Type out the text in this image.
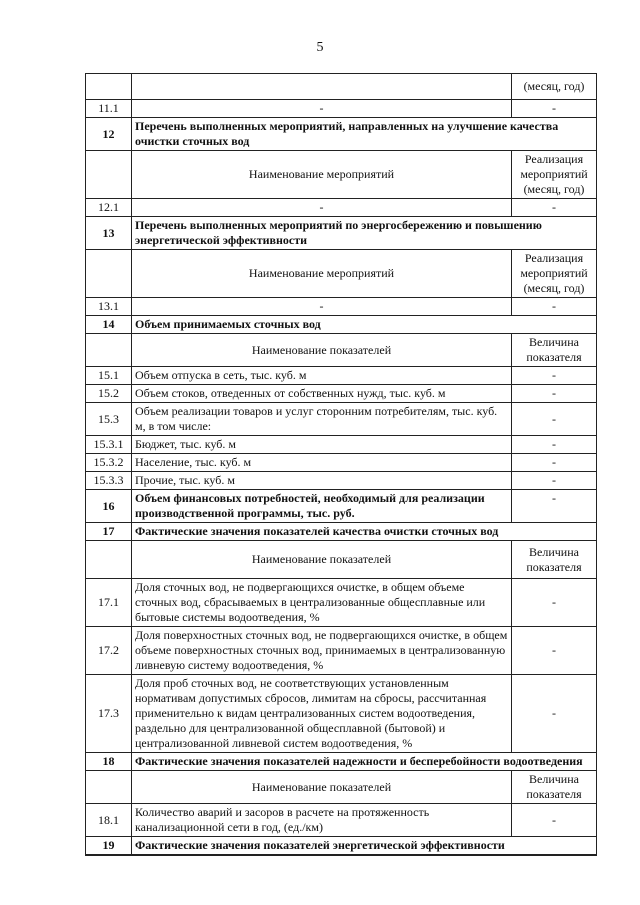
5
		(месяц, год)
11.1	-	-
12	Перечень выполненных мероприятий, направленных на улучшение качества очистки сточных вод	
	Наименование мероприятий	Реализация мероприятий (месяц, год)
12.1	-	-
13	Перечень выполненных мероприятий по энергосбережению и повышению энергетической эффективности	
	Наименование мероприятий	Реализация мероприятий (месяц, год)
13.1	-	-
14	Объем принимаемых сточных вод	
	Наименование показателей	Величина показателя
15.1	Объем отпуска в сеть, тыс. куб. м	-
15.2	Объем стоков, отведенных от собственных нужд, тыс. куб. м	-
15.3	Объем реализации товаров и услуг сторонним потребителям, тыс. куб. м, в том числе:	-
15.3.1	Бюджет, тыс. куб. м	-
15.3.2	Население, тыс. куб. м	-
15.3.3	Прочие, тыс. куб. м	-
16	Объем финансовых потребностей, необходимый для реализации производственной программы, тыс. руб.	-
17	Фактические значения показателей качества очистки сточных вод	
	Наименование показателей	Величина показателя
17.1	Доля сточных вод, не подвергающихся очистке, в общем объеме сточных вод, сбрасываемых в централизованные общесплавные или бытовые системы водоотведения, %	-
17.2	Доля поверхностных сточных вод, не подвергающихся очистке, в общем объеме поверхностных сточных вод, принимаемых в централизованную ливневую систему водоотведения, %	-
17.3	Доля проб сточных вод, не соответствующих установленным нормативам допустимых сбросов, лимитам на сбросы, рассчитанная применительно к видам централизованных систем водоотведения, раздельно для централизованной общесплавной (бытовой) и централизованной ливневой систем водоотведения, %	-
18	Фактические значения показателей надежности и бесперебойности водоотведения	
	Наименование показателей	Величина показателя
18.1	Количество аварий и засоров в расчете на протяженность канализационной сети в год, (ед./км)	-
19	Фактические значения показателей энергетической эффективности	
